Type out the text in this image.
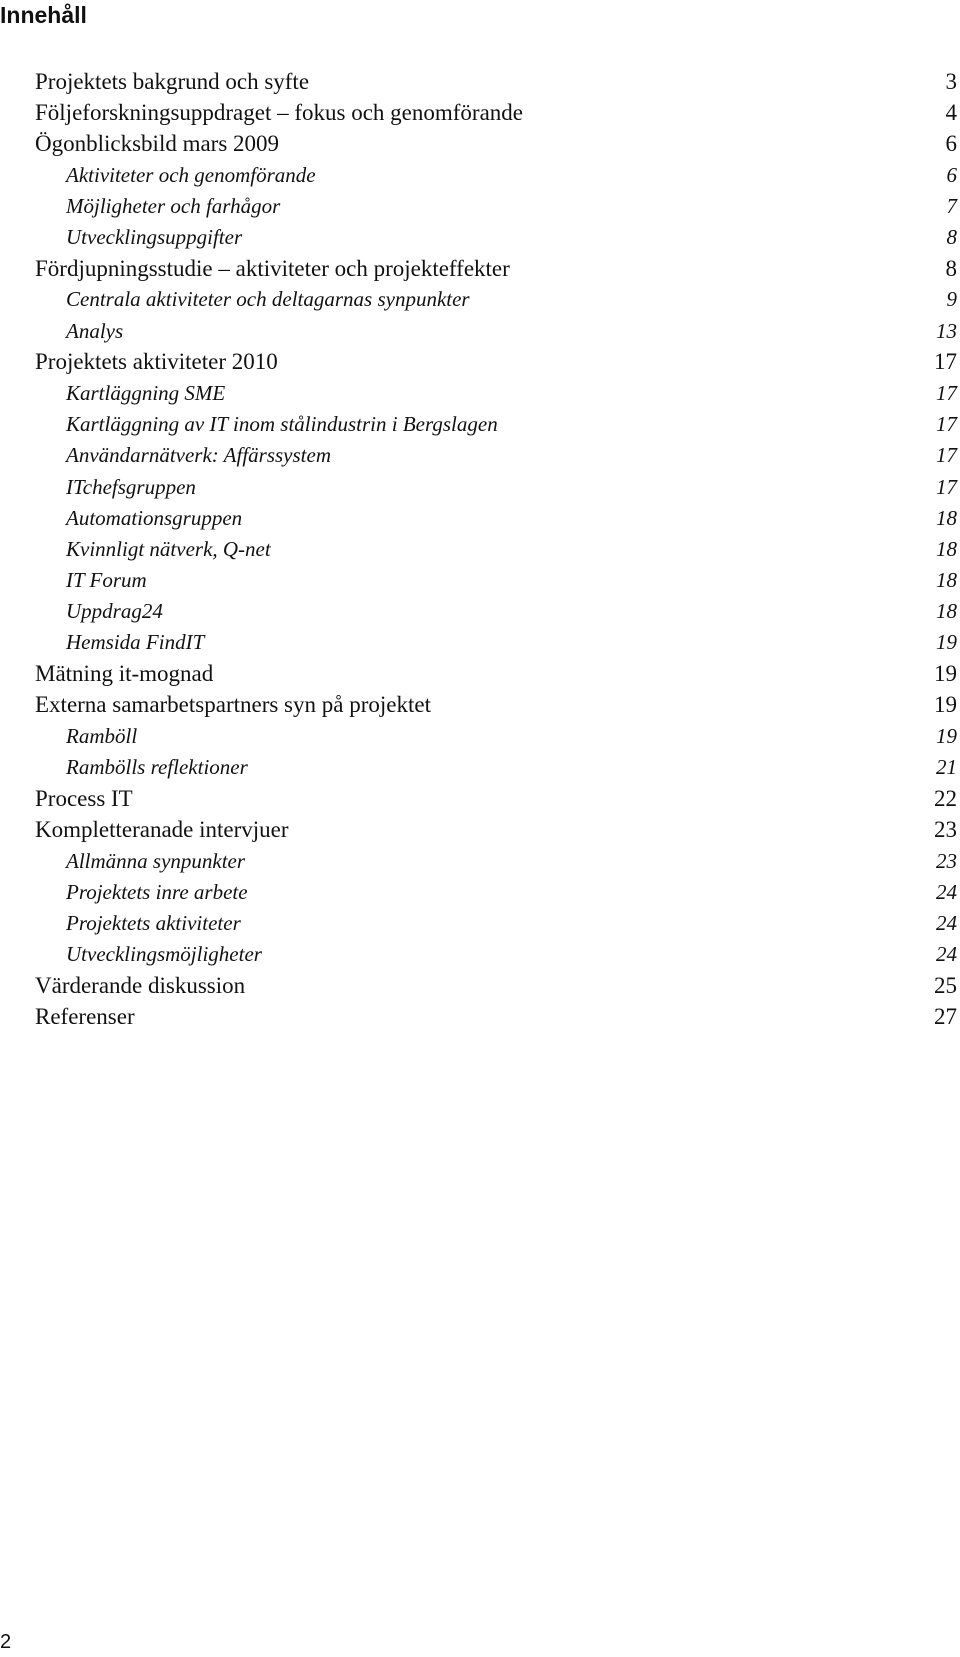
Innehåll
Projektets bakgrund och syfte	3
Följeforskningsuppdraget – fokus och genomförande	4
Ögonblicksbild mars 2009	6
Aktiviteter och genomförande	6
Möjligheter och farhågor	7
Utvecklingsuppgifter	8
Fördjupningsstudie – aktiviteter och projekteffekter	8
Centrala aktiviteter och deltagarnas synpunkter	9
Analys	13
Projektets aktiviteter 2010	17
Kartläggning SME	17
Kartläggning av IT inom stålindustrin i Bergslagen	17
Användarnätverk: Affärssystem	17
ITchefsgruppen	17
Automationsgruppen	18
Kvinnligt nätverk, Q-net	18
IT Forum	18
Uppdrag24	18
Hemsida FindIT	19
Mätning it-mognad	19
Externa samarbetspartners syn på projektet	19
Ramböll	19
Rambölls reflektioner	21
Process IT	22
Kompletteranade intervjuer	23
Allmänna synpunkter	23
Projektets inre arbete	24
Projektets aktiviteter	24
Utvecklingsmöjligheter	24
Värderande diskussion	25
Referenser	27
2
